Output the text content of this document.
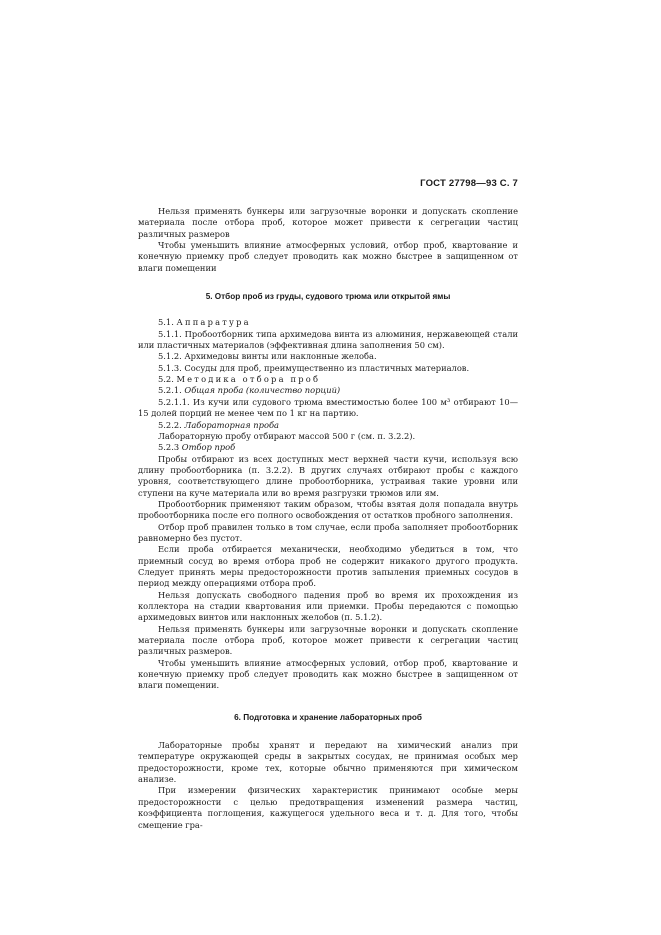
ГОСТ 27798—93 С. 7

Нельзя применять бункеры или загрузочные воронки и допускать скопление материала после отбора проб, которое может привести к сегрегации частиц различных размеров

Чтобы уменьшить влияние атмосферных условий, отбор проб, квартование и конечную приемку проб следует проводить как можно быстрее в защищенном от влаги помещении

5. Отбор проб из груды, судового трюма или открытой ямы

5.1. Аппаратура

5.1.1. Пробоотборник типа архимедова винта из алюминия, нержавеющей стали или пластичных материалов (эффективная длина заполнения 50 см).

5.1.2. Архимедовы винты или наклонные желоба.

5.1.3. Сосуды для проб, преимущественно из пластичных материалов.

5.2. Методика отбора проб

5.2.1. Общая проба (количество порций)

5.2.1.1. Из кучи или судового трюма вместимостью более 100 м³ отбирают 10—15 долей порций не менее чем по 1 кг на партию.

5.2.2. Лабораторная проба

Лабораторную пробу отбирают массой 500 г (см. п. 3.2.2).

5.2.3 Отбор проб

Пробы отбирают из всех доступных мест верхней части кучи, используя всю длину пробоотборника (п. 3.2.2). В других случаях отбирают пробы с каждого уровня, соответствующего длине пробоотборника, устраивая такие уровни или ступени на куче материала или во время разгрузки трюмов или ям.

Пробоотборник применяют таким образом, чтобы взятая доля попадала внутрь пробоотборника после его полного освобождения от остатков пробного заполнения.

Отбор проб правилен только в том случае, если проба заполняет пробоотборник равномерно без пустот.

Если проба отбирается механически, необходимо убедиться в том, что приемный сосуд во время отбора проб не содержит никакого другого продукта. Следует принять меры предосторожности против запыления приемных сосудов в период между операциями отбора проб.

Нельзя допускать свободного падения проб во время их прохождения из коллектора на стадии квартования или приемки. Пробы передаются с помощью архимедовых винтов или наклонных желобов (п. 5.1.2).

Нельзя применять бункеры или загрузочные воронки и допускать скопление материала после отбора проб, которое может привести к сегрегации частиц различных размеров.

Чтобы уменьшить влияние атмосферных условий, отбор проб, квартование и конечную приемку проб следует проводить как можно быстрее в защищенном от влаги помещении.

6. Подготовка и хранение лабораторных проб

Лабораторные пробы хранят и передают на химический анализ при температуре окружающей среды в закрытых сосудах, не принимая особых мер предосторожности, кроме тех, которые обычно применяются при химическом анализе.

При измерении физических характеристик принимают особые меры предосторожности с целью предотвращения изменений размера частиц, коэффициента поглощения, кажущегося удельного веса и т. д. Для того, чтобы смещение гра-
